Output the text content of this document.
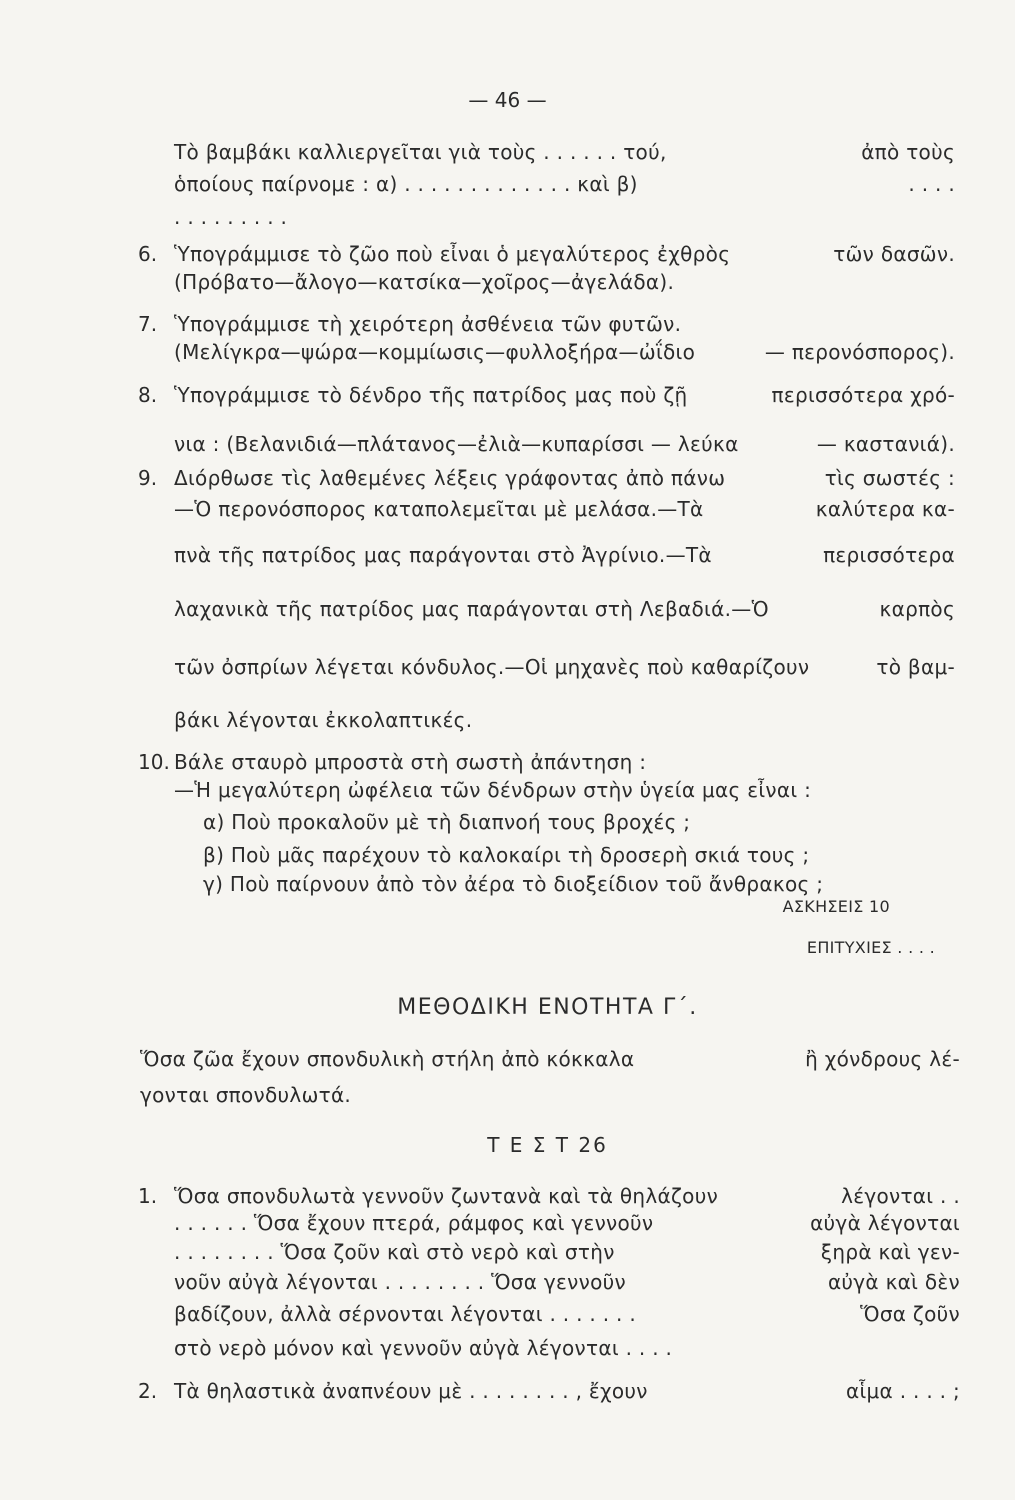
— 46 —
Τὸ βαμβάκι καλλιεργεῖται γιὰ τοὺς . . . . . . τού,	ἀπὸ τοὺς
ὁποίους παίρνομε : α) . . . . . . . . . . . . . καὶ β)	. . . .
. . . . . . . . .
6. Ὑπογράμμισε τὸ ζῶο ποὺ εἶναι ὁ μεγαλύτερος ἐχθρὸς	τῶν δασῶν.
(Πρόβατο—ἄλογο—κατσίκα—χοῖρος—ἀγελάδα).
7. Ὑπογράμμισε τὴ χειρότερη ἀσθένεια τῶν φυτῶν.
(Μελίγκρα—ψώρα—κομμίωσις—φυλλοξήρα—ὠΐδιο	— περονόσπορος).
8. Ὑπογράμμισε τὸ δένδρο τῆς πατρίδος μας ποὺ ζῇ	περισσότερα χρό-
νια : (Βελανιδιά—πλάτανος—ἐλιὰ—κυπαρίσσι — λεύκα	— καστανιά).
9. Διόρθωσε τὶς λαθεμένες λέξεις γράφοντας ἀπὸ πάνω	τὶς σωστές :
—Ὁ περονόσπορος καταπολεμεῖται μὲ μελάσα.—Τὰ	καλύτερα κα-
πνὰ τῆς πατρίδος μας παράγονται στὸ Ἀγρίνιο.—Τὰ	περισσότερα
λαχανικὰ τῆς πατρίδος μας παράγονται στὴ Λεβαδιά.—Ὁ	καρπὸς
τῶν ὀσπρίων λέγεται κόνδυλος.—Οἱ μηχανὲς ποὺ καθαρίζουν	τὸ βαμ-
βάκι λέγονται ἐκκολαπτικές.
10. Βάλε σταυρὸ μπροστὰ στὴ σωστὴ ἀπάντηση :
—Ἡ μεγαλύτερη ὠφέλεια τῶν δένδρων στὴν ὑγεία μας εἶναι :
α) Ποὺ προκαλοῦν μὲ τὴ διαπνοή τους βροχές ;
β) Ποὺ μᾶς παρέχουν τὸ καλοκαίρι τὴ δροσερὴ σκιά τους ;
γ) Ποὺ παίρνουν ἀπὸ τὸν ἀέρα τὸ διοξείδιον τοῦ ἄνθρακος ;
ΑΣΚΗΣΕΙΣ 10
ΕΠΙΤΥΧΙΕΣ . . . .
ΜΕΘΟΔΙΚΗ ΕΝΟΤΗΤΑ Γ΄.
Ὅσα ζῶα ἔχουν σπονδυλικὴ στήλη ἀπὸ κόκκαλα	ἢ χόνδρους λέ-
γονται σπονδυλωτά.
Τ Ε Σ Τ 26
1. Ὅσα σπονδυλωτὰ γεννοῦν ζωντανὰ καὶ τὰ θηλάζουν	λέγονται . .
. . . . . . Ὅσα ἔχουν πτερά, ράμφος καὶ γεννοῦν	αὐγὰ λέγονται
. . . . . . . . Ὅσα ζοῦν καὶ στὸ νερὸ καὶ στὴν	ξηρὰ καὶ γεν-
νοῦν αὐγὰ λέγονται . . . . . . . . Ὅσα γεννοῦν	αὐγὰ καὶ δὲν
βαδίζουν, ἀλλὰ σέρνονται λέγονται . . . . . . .	Ὅσα ζοῦν
στὸ νερὸ μόνον καὶ γεννοῦν αὐγὰ λέγονται . . . .
2. Τὰ θηλαστικὰ ἀναπνέουν μὲ . . . . . . . . , ἔχουν	αἷμα . . . . ;
